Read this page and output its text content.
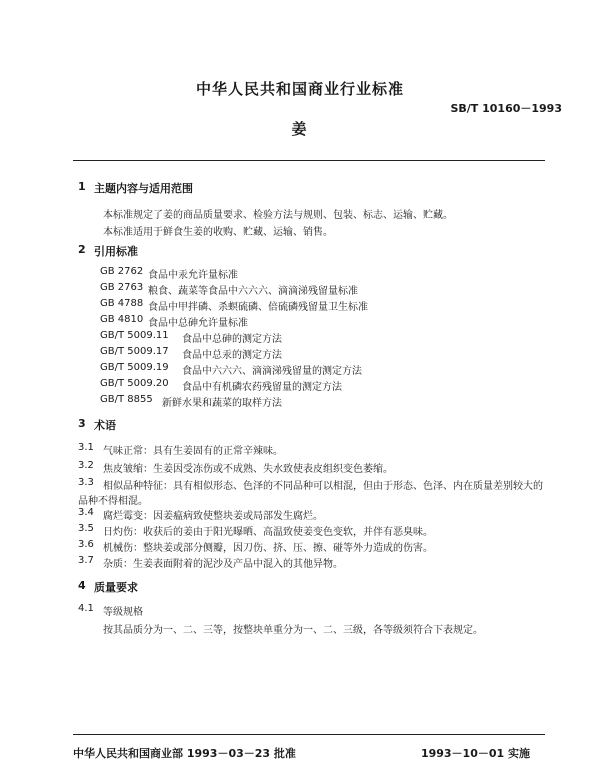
中华人民共和国商业行业标准
SB/T 10160－1993
姜
1 主题内容与适用范围
本标准规定了姜的商品质量要求、检验方法与规则、包装、标志、运输、贮藏。
本标准适用于鲜食生姜的收购、贮藏、运输、销售。
2 引用标准
GB 2762 食品中汞允许量标准
GB 2763 粮食、蔬菜等食品中六六六、滴滴涕残留量标准
GB 4788 食品中甲拌磷、杀螟硫磷、倍硫磷残留量卫生标准
GB 4810 食品中总砷允许量标准
GB/T 5009.11 食品中总砷的测定方法
GB/T 5009.17 食品中总汞的测定方法
GB/T 5009.19 食品中六六六、滴滴涕残留量的测定方法
GB/T 5009.20 食品中有机磷农药残留量的测定方法
GB/T 8855 新鲜水果和蔬菜的取样方法
3 术语
3.1 气味正常：具有生姜固有的正常辛辣味。
3.2 焦皮皱缩：生姜因受冻伤或不成熟、失水致使表皮组织变色萎缩。
3.3 相似品种特征：具有相似形态、色泽的不同品种可以相混，但由于形态、色泽、内在质量差别较大的
品种不得相混。
3.4 腐烂霉变：因姜瘟病致使整块姜或局部发生腐烂。
3.5 日灼伤：收获后的姜由于阳光曝晒、高温致使姜变色变软，并伴有恶臭味。
3.6 机械伤：整块姜或部分侧瓣，因刀伤、挤、压、擦、碰等外力造成的伤害。
3.7 杂质：生姜表面附着的泥沙及产品中混入的其他异物。
4 质量要求
4.1 等级规格
按其品质分为一、二、三等，按整块单重分为一、二、三级，各等级须符合下表规定。
中华人民共和国商业部 1993－03－23 批准	1993－10－01 实施
